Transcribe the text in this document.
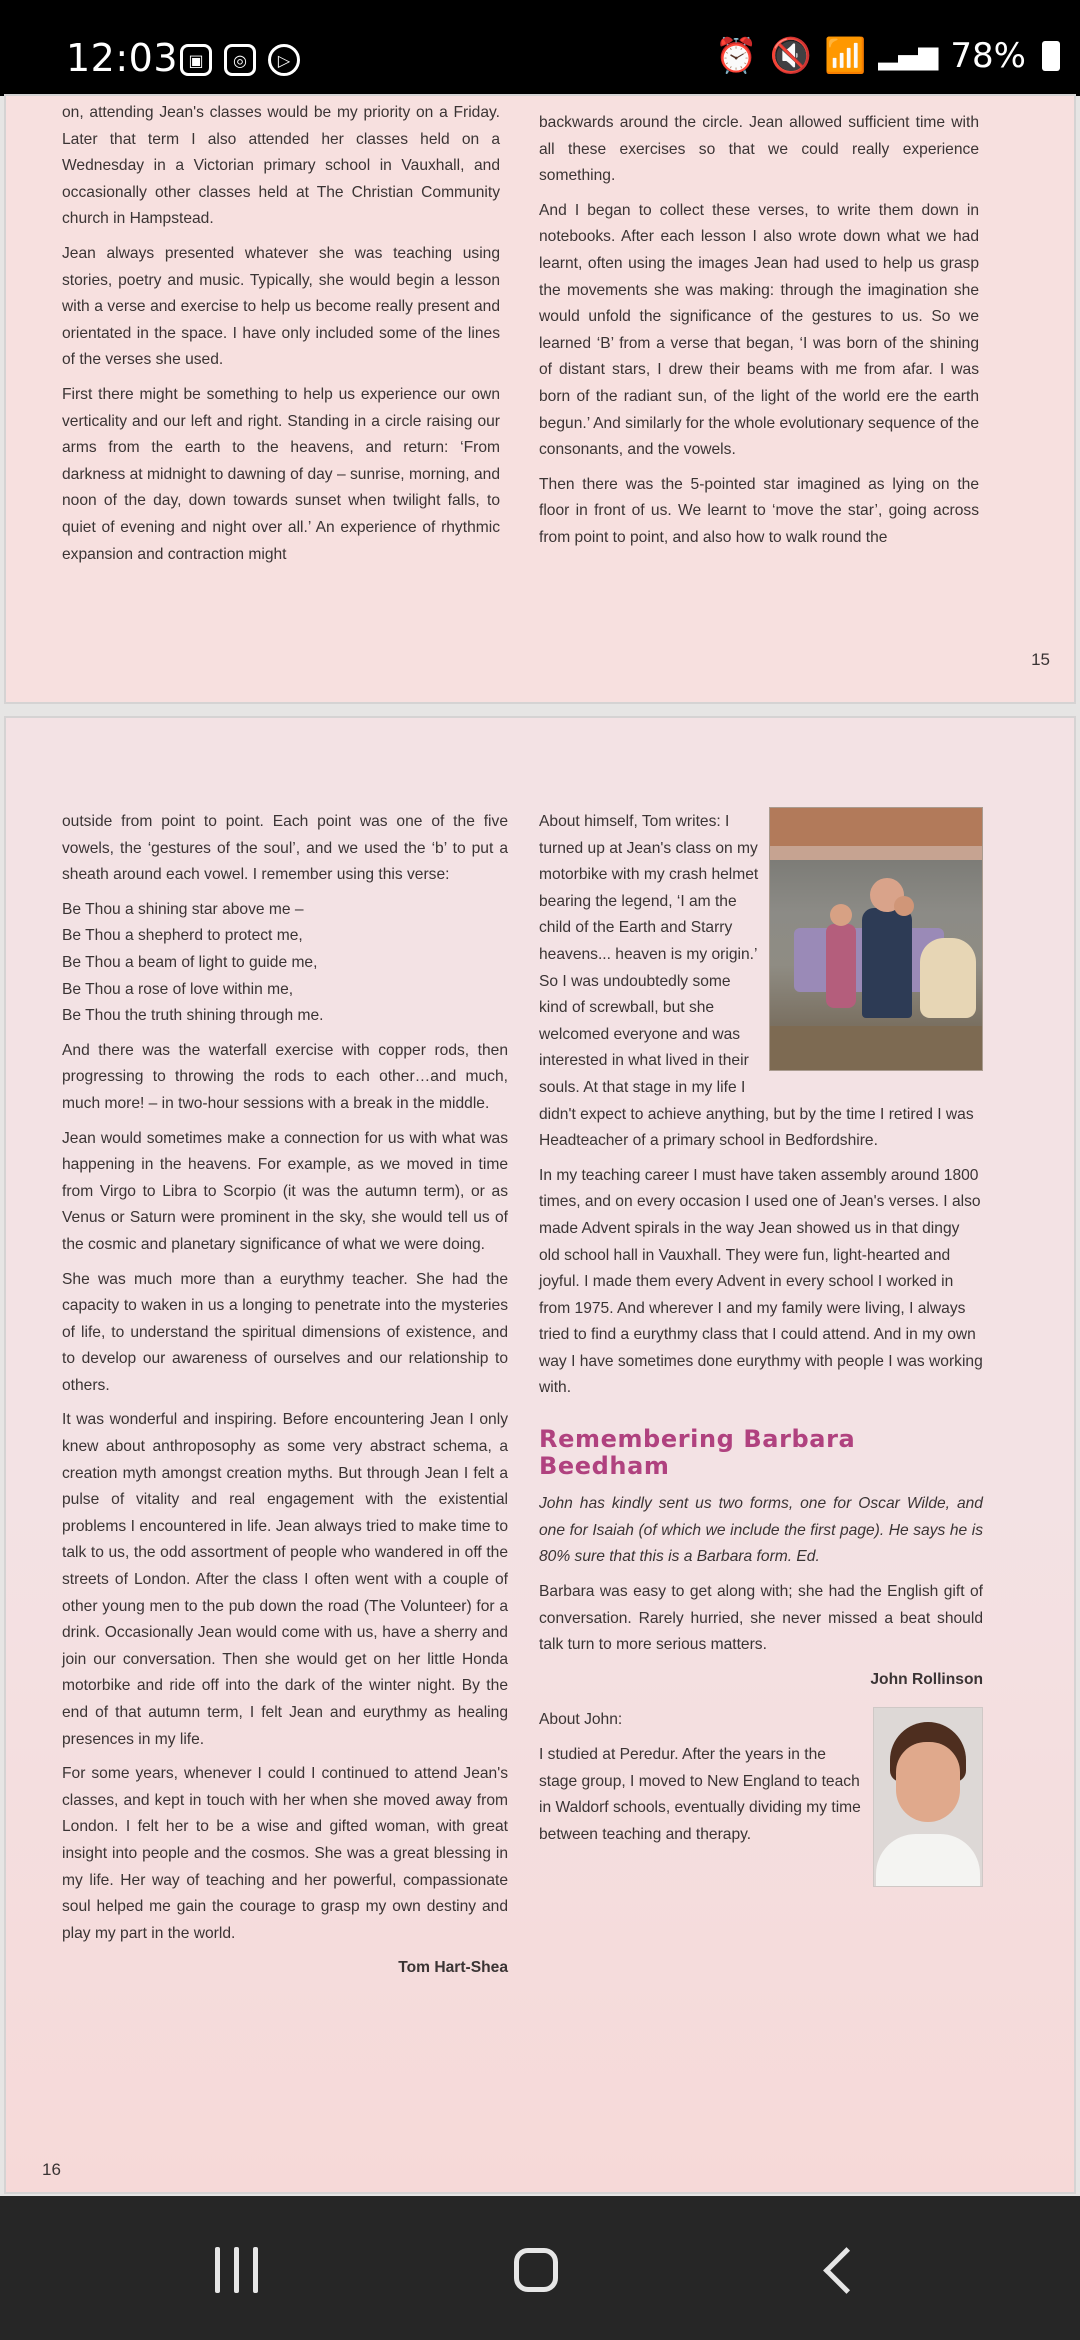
12:03 ▣	◎	▷	⏰ 🔇 📶 ▂▄▆ 78%

on, attending Jean's classes would be my priority on a Friday. Later that term I also attended her classes held on a Wednesday in a Victorian primary school in Vauxhall, and occasionally other classes held at The Christian Community church in Hampstead.

Jean always presented whatever she was teaching using stories, poetry and music. Typically, she would begin a lesson with a verse and exercise to help us become really present and orientated in the space. I have only included some of the lines of the verses she used.

First there might be something to help us experience our own verticality and our left and right. Standing in a circle raising our arms from the earth to the heavens, and return: ‘From darkness at midnight to dawning of day – sunrise, morning, and noon of the day, down towards sunset when twilight falls, to quiet of evening and night over all.’ An experience of rhythmic expansion and contraction might

backwards around the circle. Jean allowed sufficient time with all these exercises so that we could really experience something.

And I began to collect these verses, to write them down in notebooks. After each lesson I also wrote down what we had learnt, often using the images Jean had used to help us grasp the movements she was making: through the imagination she would unfold the significance of the gestures to us. So we learned ‘B’ from a verse that began, ‘I was born of the shining of distant stars, I drew their beams with me from afar. I was born of the radiant sun, of the light of the world ere the earth begun.’ And similarly for the whole evolutionary sequence of the consonants, and the vowels.

Then there was the 5-pointed star imagined as lying on the floor in front of us. We learnt to ‘move the star’, going across from point to point, and also how to walk round the

15

outside from point to point. Each point was one of the five vowels, the ‘gestures of the soul’, and we used the ‘b’ to put a sheath around each vowel. I remember using this verse:

Be Thou a shining star above me –

Be Thou a shepherd to protect me,

Be Thou a beam of light to guide me,

Be Thou a rose of love within me,

Be Thou the truth shining through me.

And there was the waterfall exercise with copper rods, then progressing to throwing the rods to each other…and much, much more! – in two-hour sessions with a break in the middle.

Jean would sometimes make a connection for us with what was happening in the heavens. For example, as we moved in time from Virgo to Libra to Scorpio (it was the autumn term), or as Venus or Saturn were prominent in the sky, she would tell us of the cosmic and planetary significance of what we were doing.

She was much more than a eurythmy teacher. She had the capacity to waken in us a longing to penetrate into the mysteries of life, to understand the spiritual dimensions of existence, and to develop our awareness of ourselves and our relationship to others.

It was wonderful and inspiring. Before encountering Jean I only knew about anthroposophy as some very abstract schema, a creation myth amongst creation myths. But through Jean I felt a pulse of vitality and real engagement with the existential problems I encountered in life. Jean always tried to make time to talk to us, the odd assortment of people who wandered in off the streets of London. After the class I often went with a couple of other young men to the pub down the road (The Volunteer) for a drink. Occasionally Jean would come with us, have a sherry and join our conversation. Then she would get on her little Honda motorbike and ride off into the dark of the winter night. By the end of that autumn term, I felt Jean and eurythmy as healing presences in my life.

For some years, whenever I could I continued to attend Jean's classes, and kept in touch with her when she moved away from London. I felt her to be a wise and gifted woman, with great insight into people and the cosmos. She was a great blessing in my life. Her way of teaching and her powerful, compassionate soul helped me gain the courage to grasp my own destiny and play my part in the world.

Tom Hart-Shea

About himself, Tom writes: I turned up at Jean's class on my motorbike with my crash helmet bearing the legend, ‘I am the child of the Earth and Starry heavens... heaven is my origin.’ So I was undoubtedly some kind of screwball, but she welcomed everyone and was interested in what lived in their souls. At that stage in my life I didn't expect to achieve anything, but by the time I retired I was Headteacher of a primary school in Bedfordshire.

In my teaching career I must have taken assembly around 1800 times, and on every occasion I used one of Jean's verses. I also made Advent spirals in the way Jean showed us in that dingy old school hall in Vauxhall. They were fun, light-hearted and joyful. I made them every Advent in every school I worked in from 1975. And wherever I and my family were living, I always tried to find a eurythmy class that I could attend. And in my own way I have sometimes done eurythmy with people I was working with.

Remembering Barbara Beedham

John has kindly sent us two forms, one for Oscar Wilde, and one for Isaiah (of which we include the first page). He says he is 80% sure that this is a Barbara form. Ed.

Barbara was easy to get along with; she had the English gift of conversation. Rarely hurried, she never missed a beat should talk turn to more serious matters.

John Rollinson

About John:

I studied at Peredur. After the years in the stage group, I moved to New England to teach in Waldorf schools, eventually dividing my time between teaching and therapy.

16
